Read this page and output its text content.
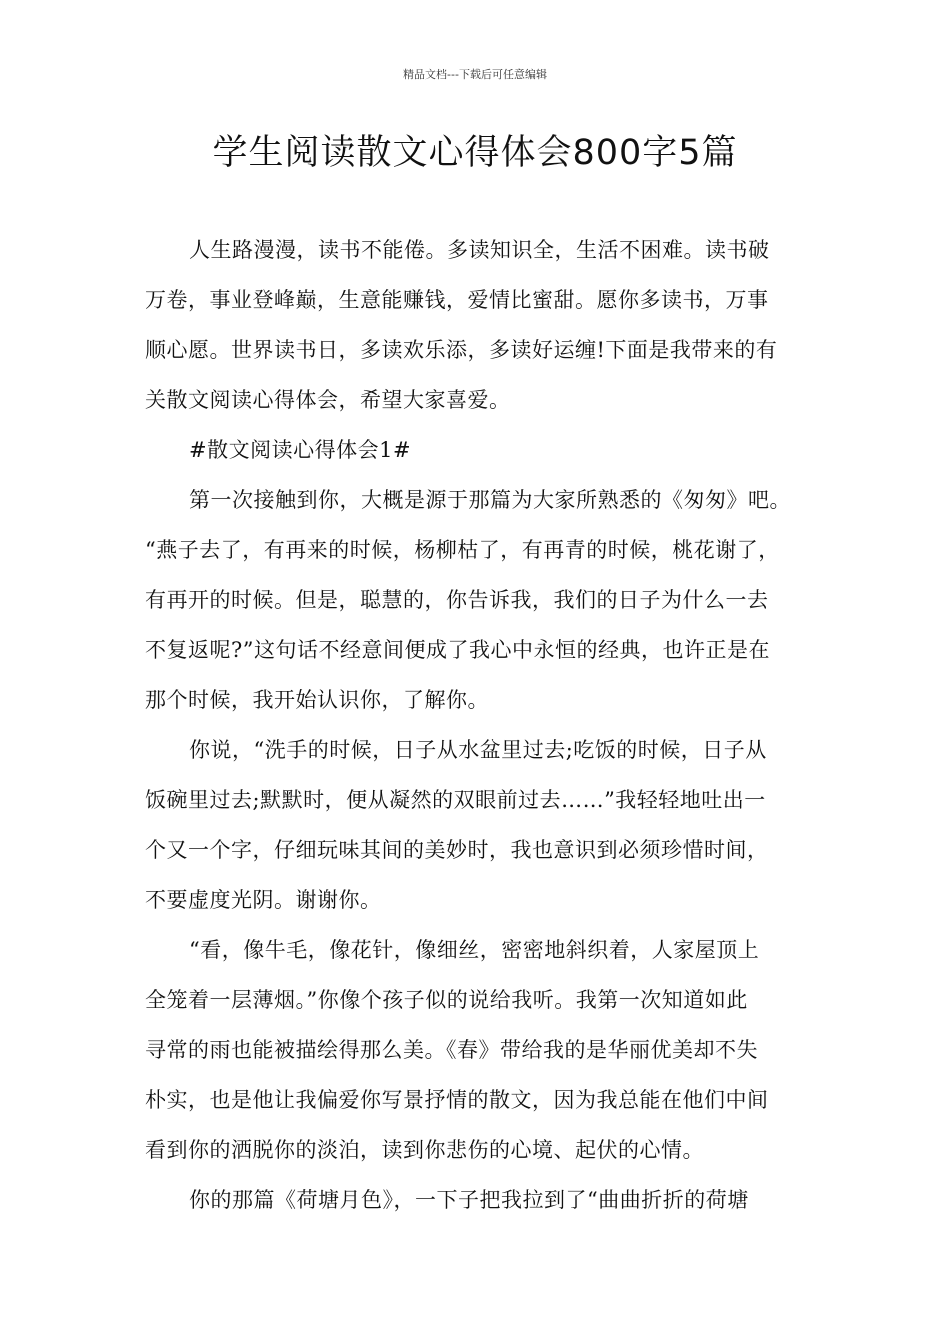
精品文档---下载后可任意编辑
学生阅读散文心得体会800字5篇
人生路漫漫，读书不能倦。多读知识全，生活不困难。读书破
万卷，事业登峰巅，生意能赚钱，爱情比蜜甜。愿你多读书，万事
顺心愿。世界读书日，多读欢乐添，多读好运缠!下面是我带来的有
关散文阅读心得体会，希望大家喜爱。
#散文阅读心得体会1#
第一次接触到你，大概是源于那篇为大家所熟悉的《匆匆》吧。
“燕子去了，有再来的时候，杨柳枯了，有再青的时候，桃花谢了，
有再开的时候。但是，聪慧的，你告诉我，我们的日子为什么一去
不复返呢?”这句话不经意间便成了我心中永恒的经典，也许正是在
那个时候，我开始认识你，了解你。
你说，“洗手的时候，日子从水盆里过去;吃饭的时候，日子从
饭碗里过去;默默时，便从凝然的双眼前过去……”我轻轻地吐出一
个又一个字，仔细玩味其间的美妙时，我也意识到必须珍惜时间，
不要虚度光阴。谢谢你。
“看，像牛毛，像花针，像细丝，密密地斜织着，人家屋顶上
全笼着一层薄烟。”你像个孩子似的说给我听。我第一次知道如此
寻常的雨也能被描绘得那么美。《春》带给我的是华丽优美却不失
朴实，也是他让我偏爱你写景抒情的散文，因为我总能在他们中间
看到你的洒脱你的淡泊，读到你悲伤的心境、起伏的心情。
你的那篇《荷塘月色》，一下子把我拉到了“曲曲折折的荷塘
